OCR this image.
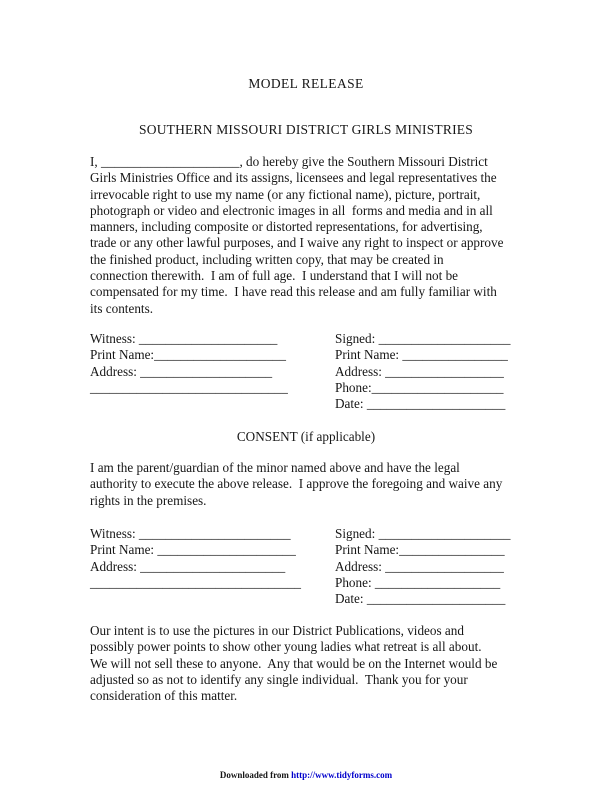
MODEL RELEASE
SOUTHERN MISSOURI DISTRICT GIRLS MINISTRIES
I, _____________________, do hereby give the Southern Missouri District
Girls Ministries Office and its assigns, licensees and legal representatives the
irrevocable right to use my name (or any fictional name), picture, portrait,
photograph or video and electronic images in all  forms and media and in all
manners, including composite or distorted representations, for advertising,
trade or any other lawful purposes, and I waive any right to inspect or approve
the finished product, including written copy, that may be created in
connection therewith.  I am of full age.  I understand that I will not be
compensated for my time.  I have read this release and am fully familiar with
its contents.
Witness: _____________________
Print Name:____________________
Address: ____________________
______________________________
Signed: ____________________
Print Name: ________________
Address: __________________
Phone:____________________
Date: _____________________
CONSENT (if applicable)
I am the parent/guardian of the minor named above and have the legal
authority to execute the above release.  I approve the foregoing and waive any
rights in the premises.
Witness: _______________________
Print Name: _____________________
Address: ______________________
________________________________
Signed: ____________________
Print Name:________________
Address: __________________
Phone: ___________________
Date: _____________________
Our intent is to use the pictures in our District Publications, videos and
possibly power points to show other young ladies what retreat is all about.
We will not sell these to anyone.  Any that would be on the Internet would be
adjusted so as not to identify any single individual.  Thank you for your
consideration of this matter.
Downloaded from http://www.tidyforms.com
